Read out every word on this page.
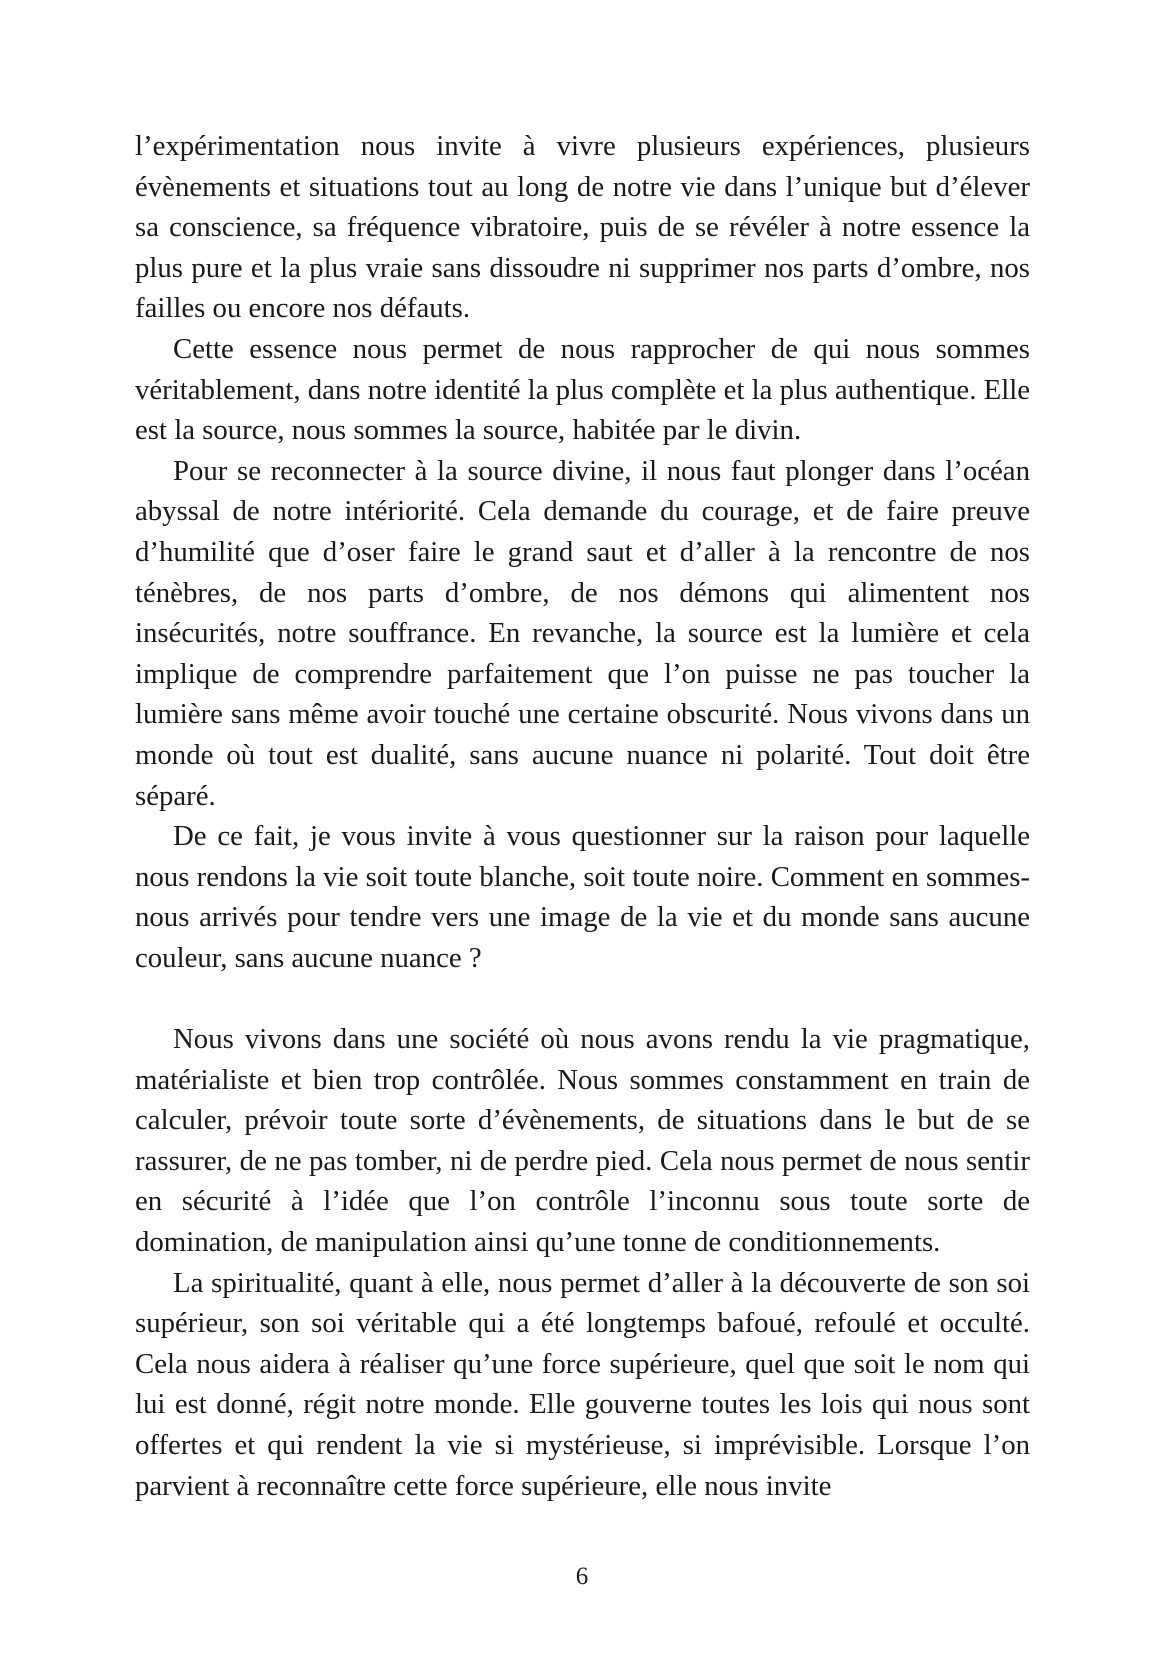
l’expérimentation nous invite à vivre plusieurs expériences, plusieurs évènements et situations tout au long de notre vie dans l’unique but d’élever sa conscience, sa fréquence vibratoire, puis de se révéler à notre essence la plus pure et la plus vraie sans dissoudre ni supprimer nos parts d’ombre, nos failles ou encore nos défauts.

Cette essence nous permet de nous rapprocher de qui nous sommes véritablement, dans notre identité la plus complète et la plus authentique. Elle est la source, nous sommes la source, habitée par le divin.

Pour se reconnecter à la source divine, il nous faut plonger dans l’océan abyssal de notre intériorité. Cela demande du courage, et de faire preuve d’humilité que d’oser faire le grand saut et d’aller à la rencontre de nos ténèbres, de nos parts d’ombre, de nos démons qui alimentent nos insécurités, notre souffrance. En revanche, la source est la lumière et cela implique de comprendre parfaitement que l’on puisse ne pas toucher la lumière sans même avoir touché une certaine obscurité. Nous vivons dans un monde où tout est dualité, sans aucune nuance ni polarité. Tout doit être séparé.

De ce fait, je vous invite à vous questionner sur la raison pour laquelle nous rendons la vie soit toute blanche, soit toute noire. Comment en sommes-nous arrivés pour tendre vers une image de la vie et du monde sans aucune couleur, sans aucune nuance ?

Nous vivons dans une société où nous avons rendu la vie pragmatique, matérialiste et bien trop contrôlée. Nous sommes constamment en train de calculer, prévoir toute sorte d’évènements, de situations dans le but de se rassurer, de ne pas tomber, ni de perdre pied. Cela nous permet de nous sentir en sécurité à l’idée que l’on contrôle l’inconnu sous toute sorte de domination, de manipulation ainsi qu’une tonne de conditionnements.

La spiritualité, quant à elle, nous permet d’aller à la découverte de son soi supérieur, son soi véritable qui a été longtemps bafoué, refoulé et occulté. Cela nous aidera à réaliser qu’une force supérieure, quel que soit le nom qui lui est donné, régit notre monde. Elle gouverne toutes les lois qui nous sont offertes et qui rendent la vie si mystérieuse, si imprévisible. Lorsque l’on parvient à reconnaître cette force supérieure, elle nous invite

6
